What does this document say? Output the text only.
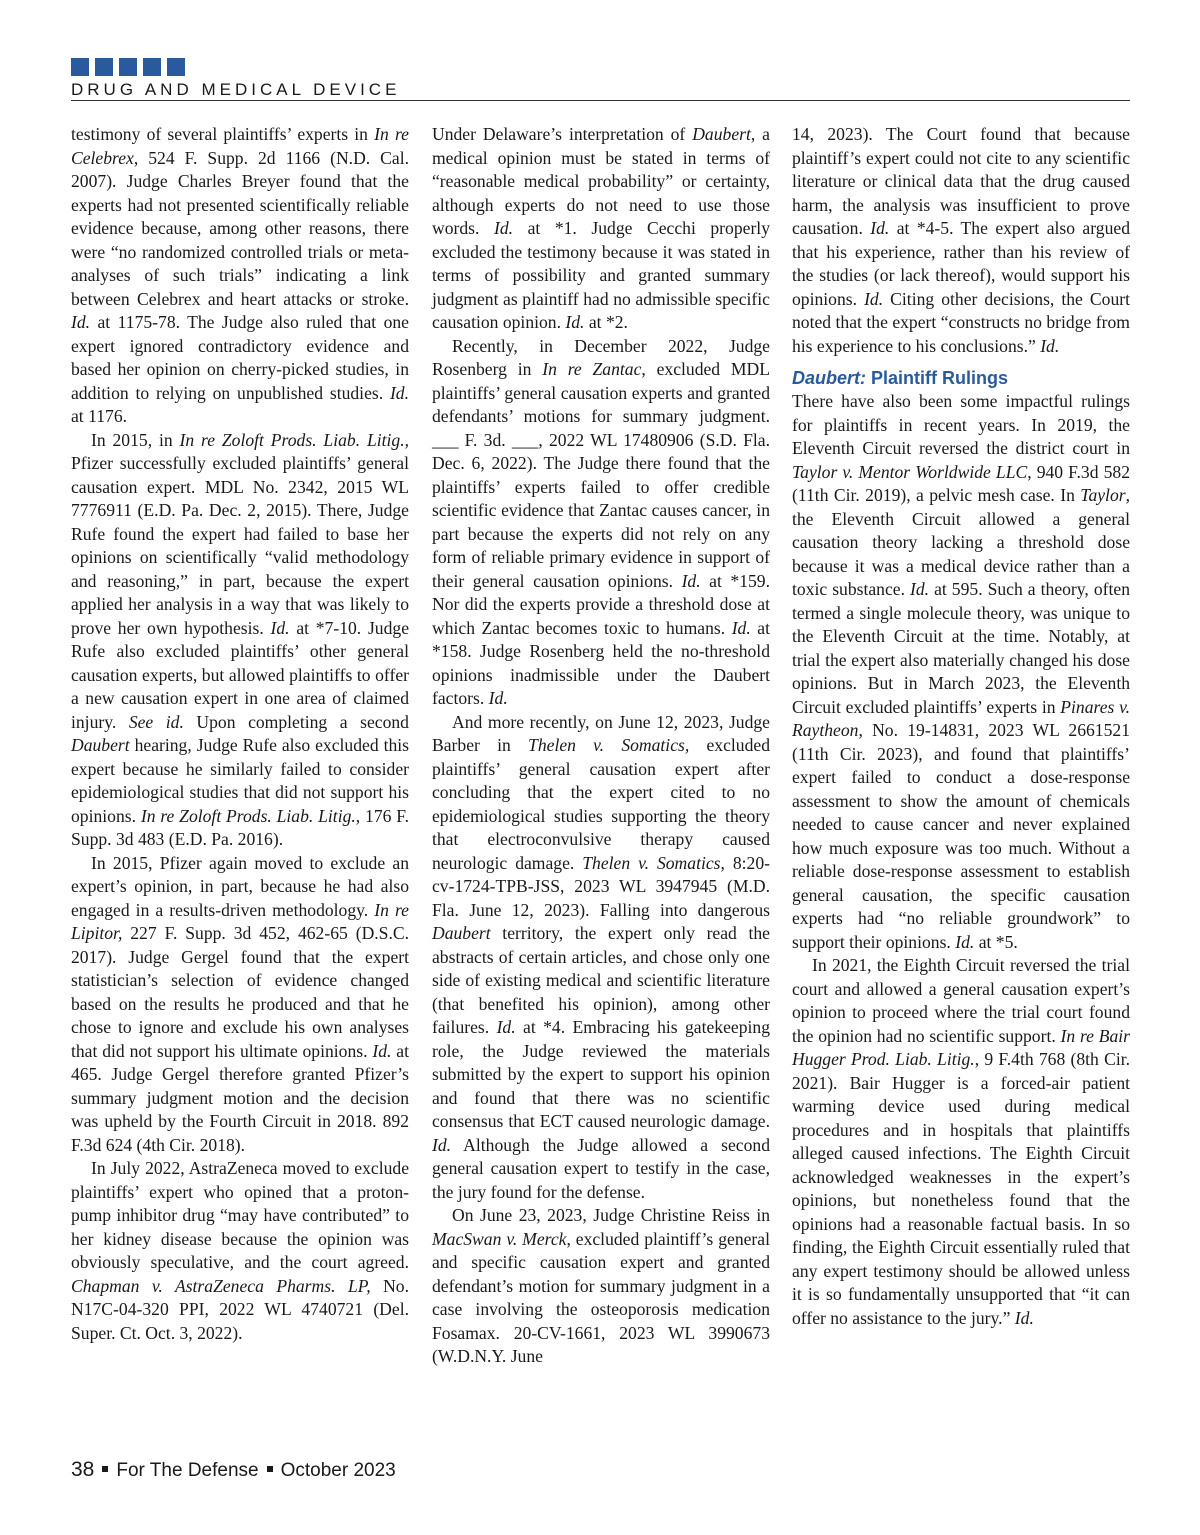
DRUG AND MEDICAL DEVICE

testimony of several plaintiffs’ experts in In re Celebrex, 524 F. Supp. 2d 1166 (N.D. Cal. 2007). Judge Charles Breyer found that the experts had not presented scientifically reliable evidence because, among other reasons, there were “no randomized controlled trials or meta-analyses of such trials” indicating a link between Celebrex and heart attacks or stroke. Id. at 1175-78. The Judge also ruled that one expert ignored contradictory evidence and based her opinion on cherry-picked studies, in addition to relying on unpublished studies. Id. at 1176.

In 2015, in In re Zoloft Prods. Liab. Litig., Pfizer successfully excluded plaintiffs’ general causation expert. MDL No. 2342, 2015 WL 7776911 (E.D. Pa. Dec. 2, 2015). There, Judge Rufe found the expert had failed to base her opinions on scientifically “valid methodology and reasoning,” in part, because the expert applied her analysis in a way that was likely to prove her own hypothesis. Id. at *7-10. Judge Rufe also excluded plaintiffs’ other general causation experts, but allowed plaintiffs to offer a new causation expert in one area of claimed injury. See id. Upon completing a second Daubert hearing, Judge Rufe also excluded this expert because he similarly failed to consider epidemiological studies that did not support his opinions. In re Zoloft Prods. Liab. Litig., 176 F. Supp. 3d 483 (E.D. Pa. 2016).

In 2015, Pfizer again moved to exclude an expert’s opinion, in part, because he had also engaged in a results-driven methodology. In re Lipitor, 227 F. Supp. 3d 452, 462-65 (D.S.C. 2017). Judge Gergel found that the expert statistician’s selection of evidence changed based on the results he produced and that he chose to ignore and exclude his own analyses that did not support his ultimate opinions. Id. at 465. Judge Gergel therefore granted Pfizer’s summary judgment motion and the decision was upheld by the Fourth Circuit in 2018. 892 F.3d 624 (4th Cir. 2018).

In July 2022, AstraZeneca moved to exclude plaintiffs’ expert who opined that a proton-pump inhibitor drug “may have contributed” to her kidney disease because the opinion was obviously speculative, and the court agreed. Chapman v. AstraZeneca Pharms. LP, No. N17C-04-320 PPI, 2022 WL 4740721 (Del. Super. Ct. Oct. 3, 2022).

Under Delaware’s interpretation of Daubert, a medical opinion must be stated in terms of “reasonable medical probability” or certainty, although experts do not need to use those words. Id. at *1. Judge Cecchi properly excluded the testimony because it was stated in terms of possibility and granted summary judgment as plaintiff had no admissible specific causation opinion. Id. at *2.

Recently, in December 2022, Judge Rosenberg in In re Zantac, excluded MDL plaintiffs’ general causation experts and granted defendants’ motions for summary judgment. ___ F. 3d. ___, 2022 WL 17480906 (S.D. Fla. Dec. 6, 2022). The Judge there found that the plaintiffs’ experts failed to offer credible scientific evidence that Zantac causes cancer, in part because the experts did not rely on any form of reliable primary evidence in support of their general causation opinions. Id. at *159. Nor did the experts provide a threshold dose at which Zantac becomes toxic to humans. Id. at *158. Judge Rosenberg held the no-threshold opinions inadmissible under the Daubert factors. Id.

And more recently, on June 12, 2023, Judge Barber in Thelen v. Somatics, excluded plaintiffs’ general causation expert after concluding that the expert cited to no epidemiological studies supporting the theory that electroconvulsive therapy caused neurologic damage. Thelen v. Somatics, 8:20-cv-1724-TPB-JSS, 2023 WL 3947945 (M.D. Fla. June 12, 2023). Falling into dangerous Daubert territory, the expert only read the abstracts of certain articles, and chose only one side of existing medical and scientific literature (that benefited his opinion), among other failures. Id. at *4. Embracing his gatekeeping role, the Judge reviewed the materials submitted by the expert to support his opinion and found that there was no scientific consensus that ECT caused neurologic damage. Id. Although the Judge allowed a second general causation expert to testify in the case, the jury found for the defense.

On June 23, 2023, Judge Christine Reiss in MacSwan v. Merck, excluded plaintiff’s general and specific causation expert and granted defendant’s motion for summary judgment in a case involving the osteoporosis medication Fosamax. 20-CV-1661, 2023 WL 3990673 (W.D.N.Y. June

14, 2023). The Court found that because plaintiff’s expert could not cite to any scientific literature or clinical data that the drug caused harm, the analysis was insufficient to prove causation. Id. at *4-5. The expert also argued that his experience, rather than his review of the studies (or lack thereof), would support his opinions. Id. Citing other decisions, the Court noted that the expert “constructs no bridge from his experience to his conclusions.” Id.

Daubert: Plaintiff Rulings

There have also been some impactful rulings for plaintiffs in recent years. In 2019, the Eleventh Circuit reversed the district court in Taylor v. Mentor Worldwide LLC, 940 F.3d 582 (11th Cir. 2019), a pelvic mesh case. In Taylor, the Eleventh Circuit allowed a general causation theory lacking a threshold dose because it was a medical device rather than a toxic substance. Id. at 595. Such a theory, often termed a single molecule theory, was unique to the Eleventh Circuit at the time. Notably, at trial the expert also materially changed his dose opinions. But in March 2023, the Eleventh Circuit excluded plaintiffs’ experts in Pinares v. Raytheon, No. 19-14831, 2023 WL 2661521 (11th Cir. 2023), and found that plaintiffs’ expert failed to conduct a dose-response assessment to show the amount of chemicals needed to cause cancer and never explained how much exposure was too much. Without a reliable dose-response assessment to establish general causation, the specific causation experts had “no reliable groundwork” to support their opinions. Id. at *5.

In 2021, the Eighth Circuit reversed the trial court and allowed a general causation expert’s opinion to proceed where the trial court found the opinion had no scientific support. In re Bair Hugger Prod. Liab. Litig., 9 F.4th 768 (8th Cir. 2021). Bair Hugger is a forced-air patient warming device used during medical procedures and in hospitals that plaintiffs alleged caused infections. The Eighth Circuit acknowledged weaknesses in the expert’s opinions, but nonetheless found that the opinions had a reasonable factual basis. In so finding, the Eighth Circuit essentially ruled that any expert testimony should be allowed unless it is so fundamentally unsupported that “it can offer no assistance to the jury.” Id.

38 For The Defense October 2023
